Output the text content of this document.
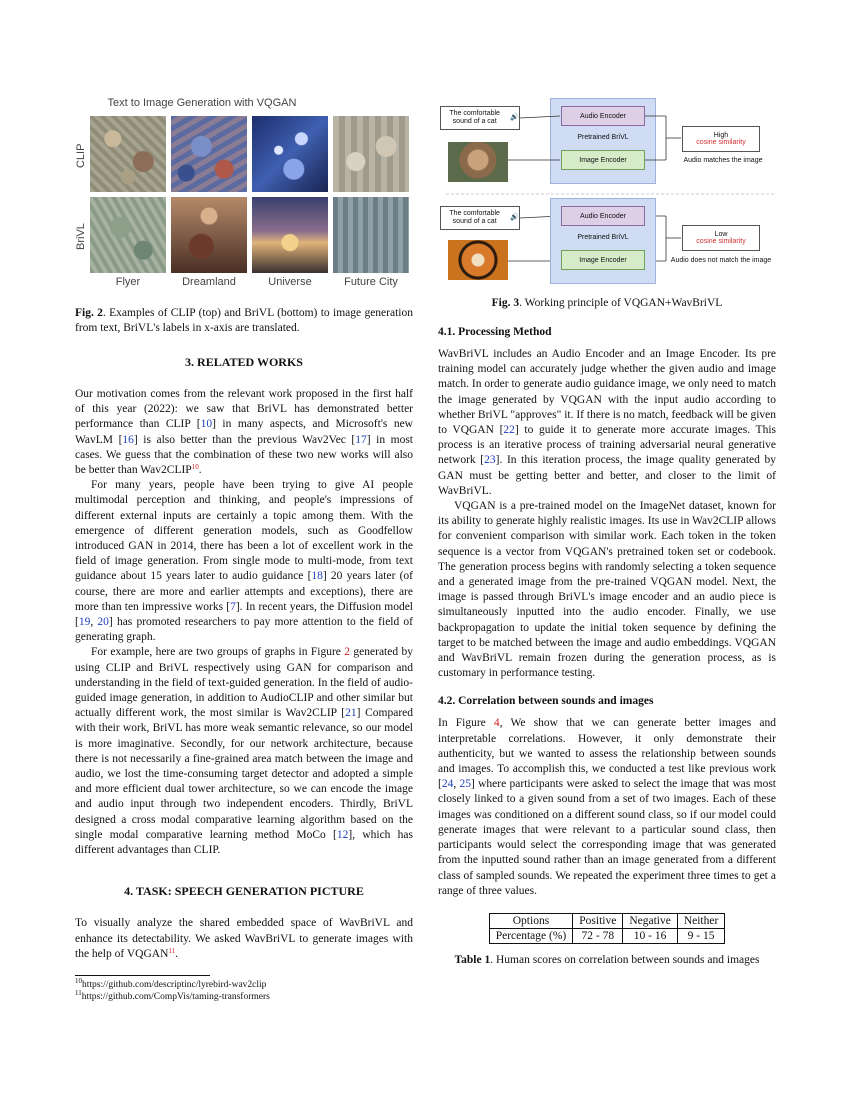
Text to Image Generation with VQGAN
CLIP
BriVL
Flyer	Dreamland	Universe	Future City
Fig. 2. Examples of CLIP (top) and BriVL (bottom) to image generation from text, BriVL's labels in x-axis are translated.
3. RELATED WORKS

Our motivation comes from the relevant work proposed in the first half of this year (2022): we saw that BriVL has demonstrated better performance than CLIP [10] in many aspects, and Microsoft's new WavLM [16] is also better than the previous Wav2Vec [17] in most cases. We guess that the combination of these two new works will also be better than Wav2CLIP$^{10}$.

For many years, people have been trying to give AI people multimodal perception and thinking, and people's impressions of different external inputs are certainly a topic among them. With the emergence of different generation models, such as Goodfellow introduced GAN in 2014, there has been a lot of excellent work in the field of image generation. From single mode to multi-mode, from text guidance about 15 years later to audio guidance [18] 20 years later (of course, there are more and earlier attempts and exceptions), there are more than ten impressive works [7]. In recent years, the Diffusion model [19, 20] has promoted researchers to pay more attention to the field of generating graph.

For example, here are two groups of graphs in Figure 2 generated by using CLIP and BriVL respectively using GAN for comparison and understanding in the field of text-guided generation. In the field of audio-guided image generation, in addition to AudioCLIP and other similar but actually different work, the most similar is Wav2CLIP [21] Compared with their work, BriVL has more weak semantic relevance, so our model is more imaginative. Secondly, for our network architecture, because there is not necessarily a fine-grained area match between the image and audio, we lost the time-consuming target detector and adopted a simple and more efficient dual tower architecture, so we can encode the image and audio input through two independent encoders. Thirdly, BriVL designed a cross modal comparative learning algorithm based on the single modal comparative learning method MoCo [12], which has different advantages than CLIP.

4. TASK: SPEECH GENERATION PICTURE

To visually analyze the shared embedded space of WavBriVL and enhance its detectability. We asked WavBriVL to generate images with the help of VQGAN$^{11}$.

$^{10}$https://github.com/descriptinc/lyrebird-wav2clip
$^{11}$https://github.com/CompVis/taming-transformers
The comfortable sound of a cat

🔊	Audio Encoder
Pretrained BriVL
Image Encoder
High
cosine similarity
Audio matches the image
The comfortable sound of a cat

🔊	Audio Encoder
Pretrained BriVL
Image Encoder
Low
cosine similarity
Audio does not match the image
Fig. 3. Working principle of VQGAN+WavBriVL
4.1. Processing Method

WavBriVL includes an Audio Encoder and an Image Encoder. Its pre training model can accurately judge whether the given audio and image match. In order to generate audio guidance image, we only need to match the image generated by VQGAN with the input audio according to whether BriVL "approves" it. If there is no match, feedback will be given to VQGAN [22] to guide it to generate more accurate images. This process is an iterative process of training adversarial neural generative network [23]. In this iteration process, the image quality generated by GAN must be getting better and better, and closer to the limit of WavBriVL.

VQGAN is a pre-trained model on the ImageNet dataset, known for its ability to generate highly realistic images. Its use in Wav2CLIP allows for convenient comparison with similar work. Each token in the token sequence is a vector from VQGAN's pretrained token set or codebook. The generation process begins with randomly selecting a token sequence and a generated image from the pre-trained VQGAN model. Next, the image is passed through BriVL's image encoder and an audio piece is simultaneously inputted into the audio encoder. Finally, we use backpropagation to update the initial token sequence by defining the target to be matched between the image and audio embeddings. VQGAN and WavBriVL remain frozen during the generation process, as is customary in performance testing.

4.2. Correlation between sounds and images

In Figure 4, We show that we can generate better images and interpretable correlations. However, it only demonstrate their authenticity, but we wanted to assess the relationship between sounds and images. To accomplish this, we conducted a test like previous work [24, 25] where participants were asked to select the image that was most closely linked to a given sound from a set of two images. Each of these images was conditioned on a different sound class, so if our model could generate images that were relevant to a particular sound class, then participants would select the corresponding image that was generated from the inputted sound rather than an image generated from a different class of sampled sounds. We repeated the experiment three times to get a range of three values.

Options	Positive	Negative	Neither
Percentage (%)	72 - 78	10 - 16	9 - 15
Table 1. Human scores on correlation between sounds and images
